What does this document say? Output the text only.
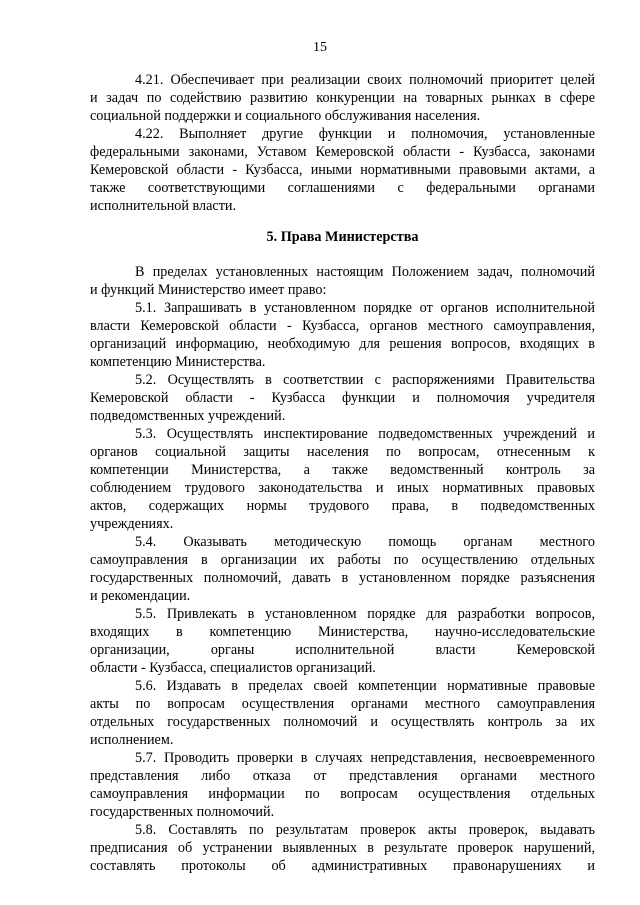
15
4.21. Обеспечивает при реализации своих полномочий приоритет целей
и задач по содействию развитию конкуренции на товарных рынках в сфере
социальной поддержки и социального обслуживания населения.
4.22. Выполняет другие функции и полномочия, установленные
федеральными законами, Уставом Кемеровской области - Кузбасса, законами
Кемеровской области - Кузбасса, иными нормативными правовыми актами, а
также соответствующими соглашениями с федеральными органами
исполнительной власти.
5. Права Министерства
В пределах установленных настоящим Положением задач, полномочий
и функций Министерство имеет право:
5.1. Запрашивать в установленном порядке от органов исполнительной
власти Кемеровской области - Кузбасса, органов местного самоуправления,
организаций информацию, необходимую для решения вопросов, входящих в
компетенцию Министерства.
5.2. Осуществлять в соответствии с распоряжениями Правительства
Кемеровской области - Кузбасса функции и полномочия учредителя
подведомственных учреждений.
5.3. Осуществлять инспектирование подведомственных учреждений и
органов социальной защиты населения по вопросам, отнесенным к
компетенции Министерства, а также ведомственный контроль за
соблюдением трудового законодательства и иных нормативных правовых
актов, содержащих нормы трудового права, в подведомственных
учреждениях.
5.4. Оказывать методическую помощь органам местного
самоуправления в организации их работы по осуществлению отдельных
государственных полномочий, давать в установленном порядке разъяснения
и рекомендации.
5.5. Привлекать в установленном порядке для разработки вопросов,
входящих в компетенцию Министерства, научно-исследовательские
организации, органы исполнительной власти Кемеровской
области - Кузбасса, специалистов организаций.
5.6. Издавать в пределах своей компетенции нормативные правовые
акты по вопросам осуществления органами местного самоуправления
отдельных государственных полномочий и осуществлять контроль за их
исполнением.
5.7. Проводить проверки в случаях непредставления, несвоевременного
представления либо отказа от представления органами местного
самоуправления информации по вопросам осуществления отдельных
государственных полномочий.
5.8. Составлять по результатам проверок акты проверок, выдавать
предписания об устранении выявленных в результате проверок нарушений,
составлять протоколы об административных правонарушениях и
